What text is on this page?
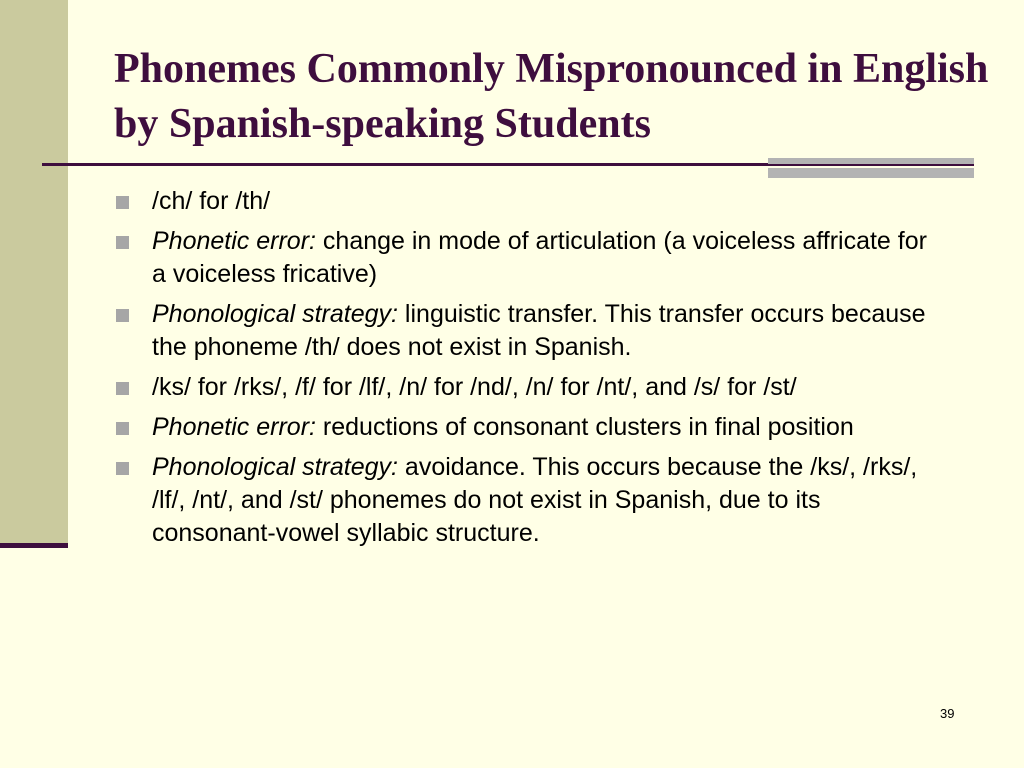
Phonemes Commonly Mispronounced in English by Spanish-speaking Students
/ch/ for /th/
Phonetic error: change in mode of articulation (a voiceless affricate for a voiceless fricative)
Phonological strategy: linguistic transfer. This transfer occurs because the phoneme /th/ does not exist in Spanish.
/ks/ for /rks/, /f/ for /lf/, /n/ for /nd/, /n/ for /nt/, and /s/ for /st/
Phonetic error: reductions of consonant clusters in final position
Phonological strategy: avoidance. This occurs because the /ks/, /rks/, /lf/, /nt/, and /st/ phonemes do not exist in Spanish, due to its consonant-vowel syllabic structure.
39
